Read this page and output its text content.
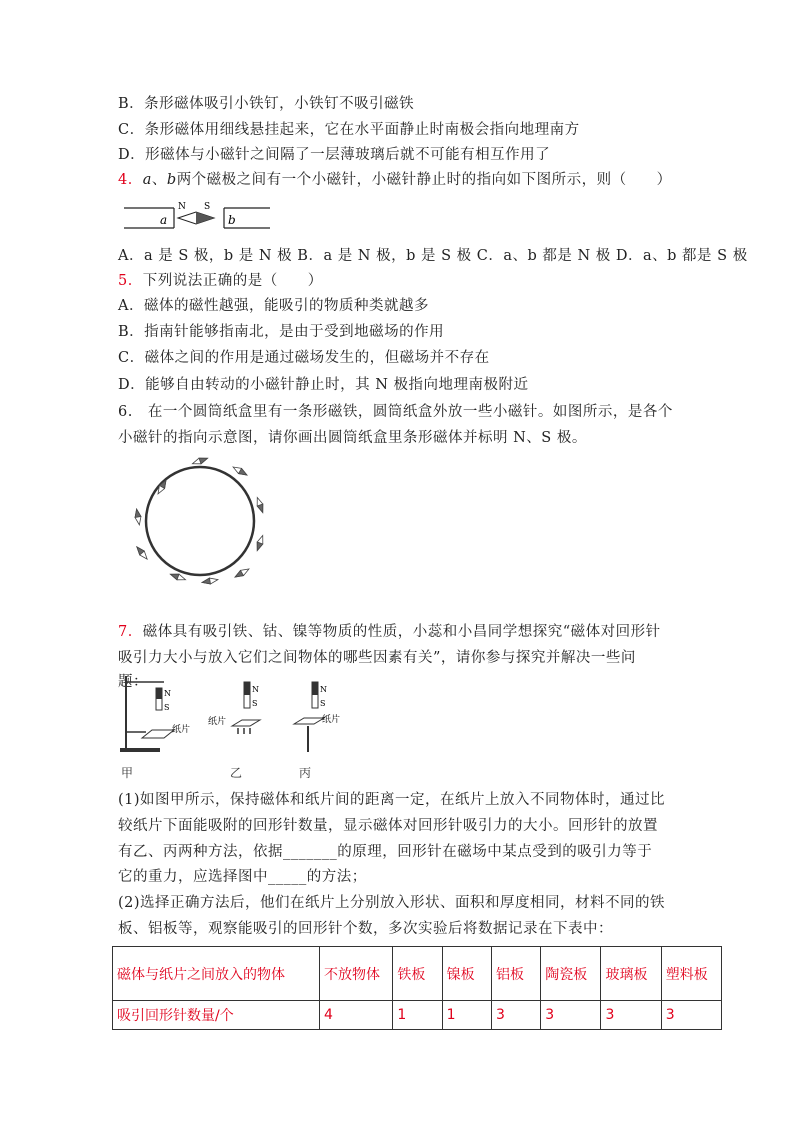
B．条形磁体吸引小铁钉，小铁钉不吸引磁铁
C．条形磁体用细线悬挂起来，它在水平面静止时南极会指向地理南方
D．形磁体与小磁针之间隔了一层薄玻璃后就不可能有相互作用了
4．a、b两个磁极之间有一个小磁针，小磁针静止时的指向如下图所示，则（　　）
a
N S
b
A．a 是 S 极，b 是 N 极 B．a 是 N 极，b 是 S 极 C．a、b 都是 N 极 D．a、b 都是 S 极
5．下列说法正确的是（　　）
A．磁体的磁性越强，能吸引的物质种类就越多
B．指南针能够指南北，是由于受到地磁场的作用
C．磁体之间的作用是通过磁场发生的，但磁场并不存在
D．能够自由转动的小磁针静止时，其 N 极指向地理南极附近
6.　在一个圆筒纸盒里有一条形磁铁，圆筒纸盒外放一些小磁针。如图所示，是各个
小磁针的指向示意图，请你画出圆筒纸盒里条形磁体并标明 N、S 极。
7．磁体具有吸引铁、钴、镍等物质的性质，小蕊和小昌同学想探究“磁体对回形针
吸引力大小与放入它们之间物体的哪些因素有关”，请你参与探究并解决一些问
题：
N
S
纸片
N
S
纸片
N
S
纸片
甲	乙	丙
(1)如图甲所示，保持磁体和纸片间的距离一定，在纸片上放入不同物体时，通过比
较纸片下面能吸附的回形针数量，显示磁体对回形针吸引力的大小。回形针的放置
有乙、丙两种方法，依据_______的原理，回形针在磁场中某点受到的吸引力等于
它的重力，应选择图中_____的方法；
(2)选择正确方法后，他们在纸片上分别放入形状、面积和厚度相同，材料不同的铁
板、铝板等，观察能吸引的回形针个数，多次实验后将数据记录在下表中：
磁体与纸片之间放入的物体	不放物体	铁板	镍板	铝板	陶瓷板	玻璃板	塑料板
吸引回形针数量/个	4	1	1	3	3	3	3
